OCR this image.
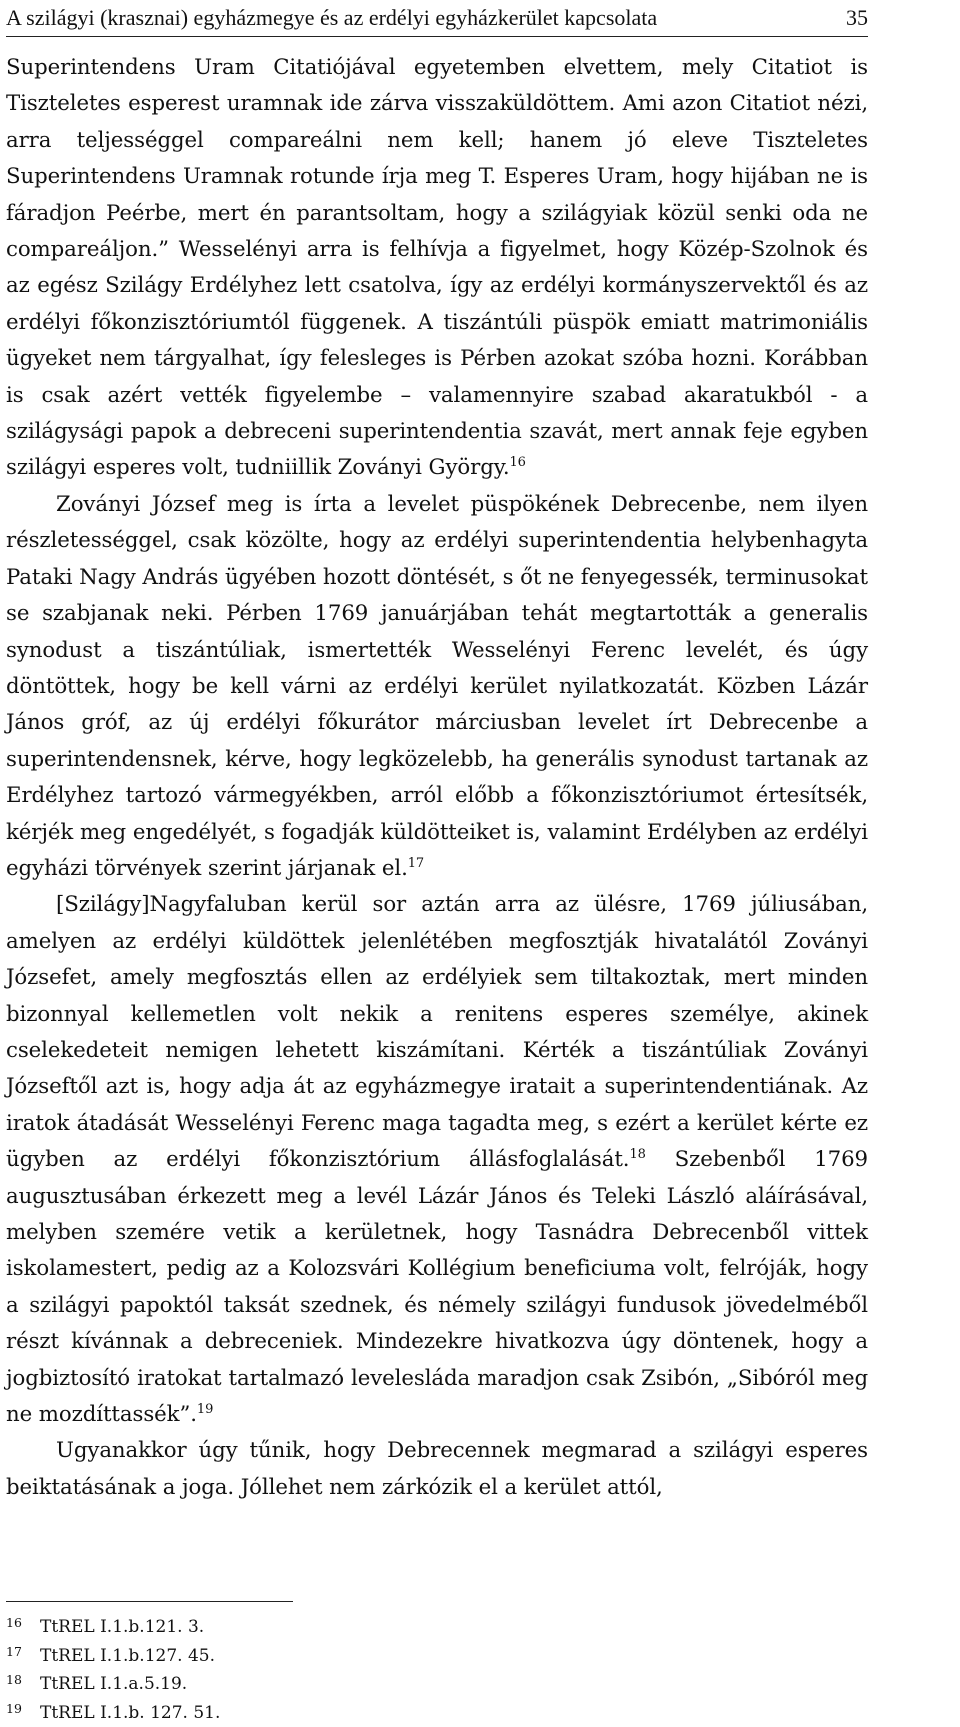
A szilágyi (krasznai) egyházmegye és az erdélyi egyházkerület kapcsolata	35

Superintendens Uram Citatiójával egyetemben elvettem, mely Citatiot is Tiszteletes esperest uramnak ide zárva visszaküldöttem. Ami azon Citatiot nézi, arra teljességgel compareálni nem kell; hanem jó eleve Tiszteletes Superintendens Uramnak rotunde írja meg T. Esperes Uram, hogy hijában ne is fáradjon Peérbe, mert én parantsoltam, hogy a szilágyiak közül senki oda ne compareáljon.” Wesselényi arra is felhívja a figyelmet, hogy Közép-Szolnok és az egész Szilágy Erdélyhez lett csatolva, így az erdélyi kormányszervektől és az erdélyi főkonzisztóriumtól függenek. A tiszántúli püspök emiatt matrimoniális ügyeket nem tárgyalhat, így felesleges is Pérben azokat szóba hozni. Korábban is csak azért vették figyelembe – valamennyire szabad akaratukból - a szilágysági papok a debreceni superintendentia szavát, mert annak feje egyben szilágyi esperes volt, tudniillik Zoványi György.$^{16}$

Zoványi József meg is írta a levelet püspökének Debrecenbe, nem ilyen részletességgel, csak közölte, hogy az erdélyi superintendentia helybenhagyta Pataki Nagy András ügyében hozott döntését, s őt ne fenyegessék, terminusokat se szabjanak neki. Pérben 1769 januárjában tehát megtartották a generalis synodust a tiszántúliak, ismertették Wesselényi Ferenc levelét, és úgy döntöttek, hogy be kell várni az erdélyi kerület nyilatkozatát. Közben Lázár János gróf, az új erdélyi főkurátor márciusban levelet írt Debrecenbe a superintendensnek, kérve, hogy legközelebb, ha generális synodust tartanak az Erdélyhez tartozó vármegyékben, arról előbb a főkonzisztóriumot értesítsék, kérjék meg engedélyét, s fogadják küldötteiket is, valamint Erdélyben az erdélyi egyházi törvények szerint járjanak el.$^{17}$

[Szilágy]Nagyfaluban kerül sor aztán arra az ülésre, 1769 júliusában, amelyen az erdélyi küldöttek jelenlétében megfosztják hivatalától Zoványi Józsefet, amely megfosztás ellen az erdélyiek sem tiltakoztak, mert minden bizonnyal kellemetlen volt nekik a renitens esperes személye, akinek cselekedeteit nemigen lehetett kiszámítani. Kérték a tiszántúliak Zoványi Józseftől azt is, hogy adja át az egyházmegye iratait a superintendentiának. Az iratok átadását Wesselényi Ferenc maga tagadta meg, s ezért a kerület kérte ez ügyben az erdélyi főkonzisztórium állásfoglalását.$^{18}$ Szebenből 1769 augusztusában érkezett meg a levél Lázár János és Teleki László aláírásával, melyben szemére vetik a kerületnek, hogy Tasnádra Debrecenből vittek iskolamestert, pedig az a Kolozsvári Kollégium beneficiuma volt, felróják, hogy a szilágyi papoktól taksát szednek, és némely szilágyi fundusok jövedelméből részt kívánnak a debreceniek. Mindezekre hivatkozva úgy döntenek, hogy a jogbiztosító iratokat tartalmazó levelesláda maradjon csak Zsibón, „Sibóról meg ne mozdíttassék”.$^{19}$

Ugyanakkor úgy tűnik, hogy Debrecennek megmarad a szilágyi esperes beiktatásának a joga. Jóllehet nem zárkózik el a kerület attól,

16 TtREL I.1.b.121. 3.
17 TtREL I.1.b.127. 45.
18 TtREL I.1.a.5.19.
19 TtREL I.1.b. 127. 51.
